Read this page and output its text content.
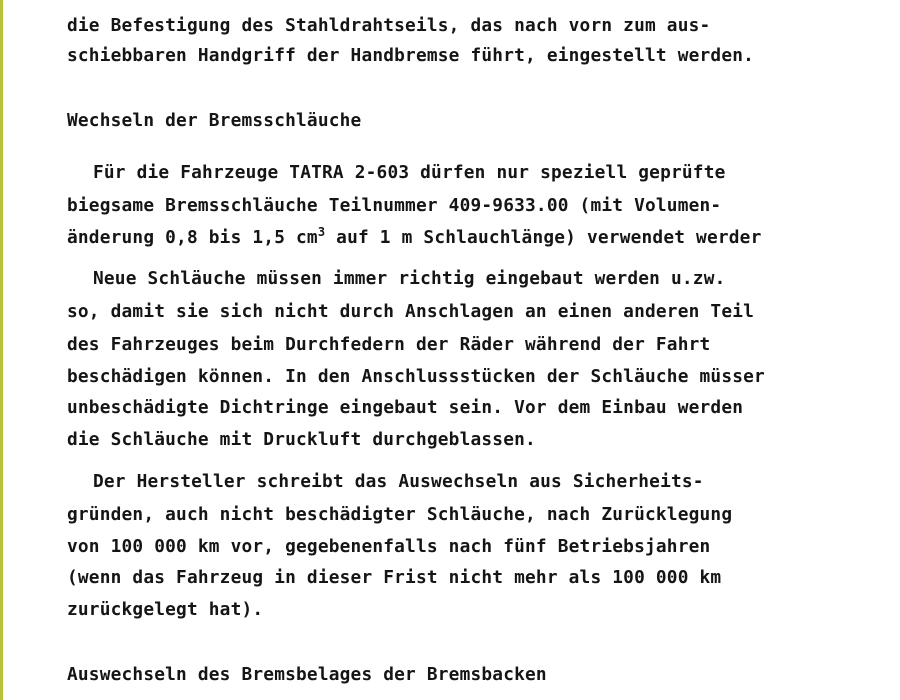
die Befestigung des Stahldrahtseils, das nach vorn zum aus-
schiebbaren Handgriff der Handbremse führt, eingestellt werden.
Wechseln der Bremsschläuche
Für die Fahrzeuge TATRA 2-603 dürfen nur speziell geprüfte
biegsame Bremsschläuche Teilnummer 409-9633.00 (mit Volumen-
änderung 0,8 bis 1,5 $cm^3$ auf 1 m Schlauchlänge) verwendet werder
Neue Schläuche müssen immer richtig eingebaut werden u.zw.
so, damit sie sich nicht durch Anschlagen an einen anderen Teil
des Fahrzeuges beim Durchfedern der Räder während der Fahrt
beschädigen können. In den Anschlussstücken der Schläuche müsser
unbeschädigte Dichtringe eingebaut sein. Vor dem Einbau werden
die Schläuche mit Druckluft durchgeblassen.
Der Hersteller schreibt das Auswechseln aus Sicherheits-
gründen, auch nicht beschädigter Schläuche, nach Zurücklegung
von 100 000 km vor, gegebenenfalls nach fünf Betriebsjahren
(wenn das Fahrzeug in dieser Frist nicht mehr als 100 000 km
zurückgelegt hat).
Auswechseln des Bremsbelages der Bremsbacken
